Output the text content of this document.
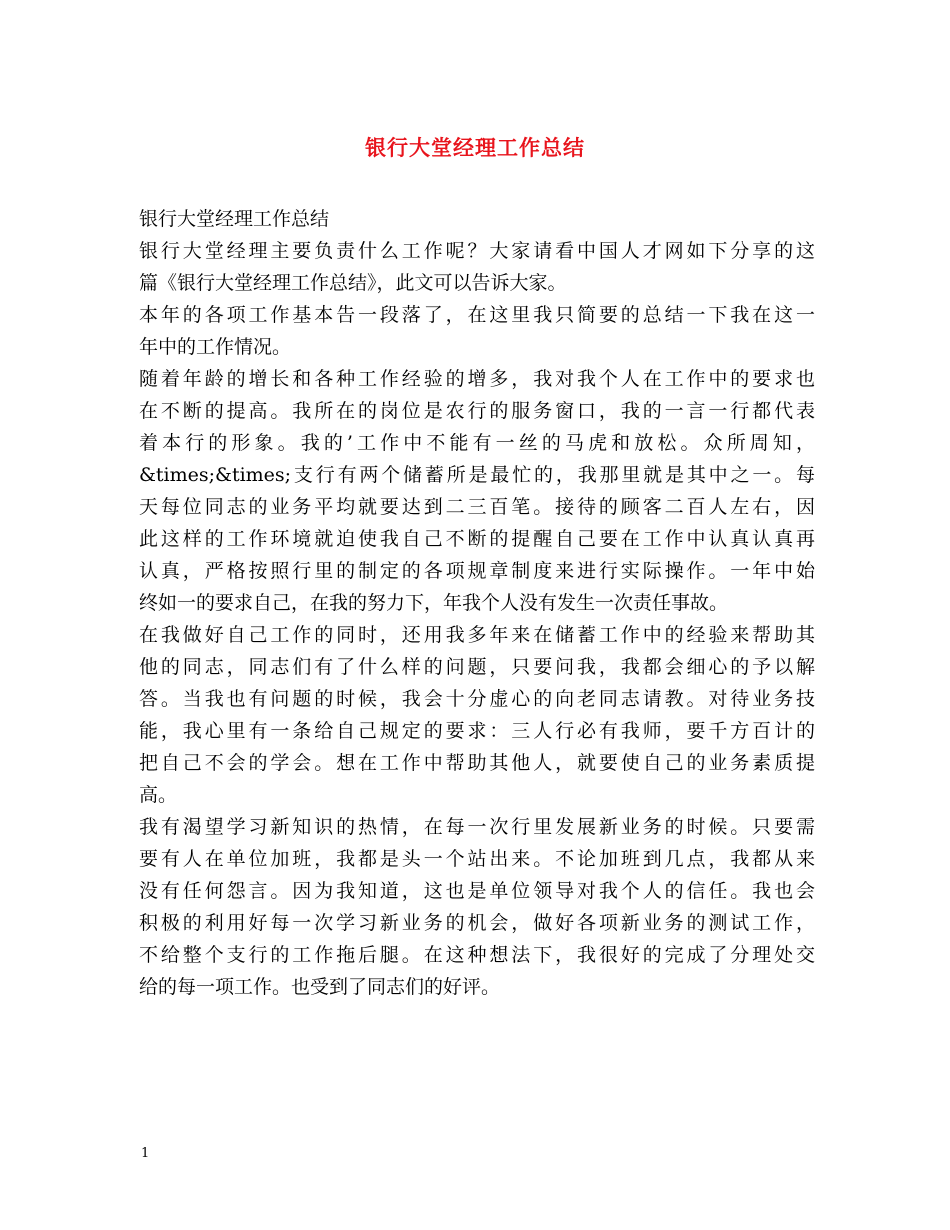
银行大堂经理工作总结
银行大堂经理工作总结
银行大堂经理主要负责什么工作呢？大家请看中国人才网如下分享的这
篇《银行大堂经理工作总结》，此文可以告诉大家。
本年的各项工作基本告一段落了，在这里我只简要的总结一下我在这一
年中的工作情况。
随着年龄的增长和各种工作经验的增多，我对我个人在工作中的要求也
在不断的提高。我所在的岗位是农行的服务窗口，我的一言一行都代表
着本行的形象。我的’工作中不能有一丝的马虎和放松。众所周知，
&times;&times;支行有两个储蓄所是最忙的，我那里就是其中之一。每
天每位同志的业务平均就要达到二三百笔。接待的顾客二百人左右，因
此这样的工作环境就迫使我自己不断的提醒自己要在工作中认真认真再
认真，严格按照行里的制定的各项规章制度来进行实际操作。一年中始
终如一的要求自己，在我的努力下，年我个人没有发生一次责任事故。
在我做好自己工作的同时，还用我多年来在储蓄工作中的经验来帮助其
他的同志，同志们有了什么样的问题，只要问我，我都会细心的予以解
答。当我也有问题的时候，我会十分虚心的向老同志请教。对待业务技
能，我心里有一条给自己规定的要求：三人行必有我师，要千方百计的
把自己不会的学会。想在工作中帮助其他人，就要使自己的业务素质提
高。
我有渴望学习新知识的热情，在每一次行里发展新业务的时候。只要需
要有人在单位加班，我都是头一个站出来。不论加班到几点，我都从来
没有任何怨言。因为我知道，这也是单位领导对我个人的信任。我也会
积极的利用好每一次学习新业务的机会，做好各项新业务的测试工作，
不给整个支行的工作拖后腿。在这种想法下，我很好的完成了分理处交
给的每一项工作。也受到了同志们的好评。
1
